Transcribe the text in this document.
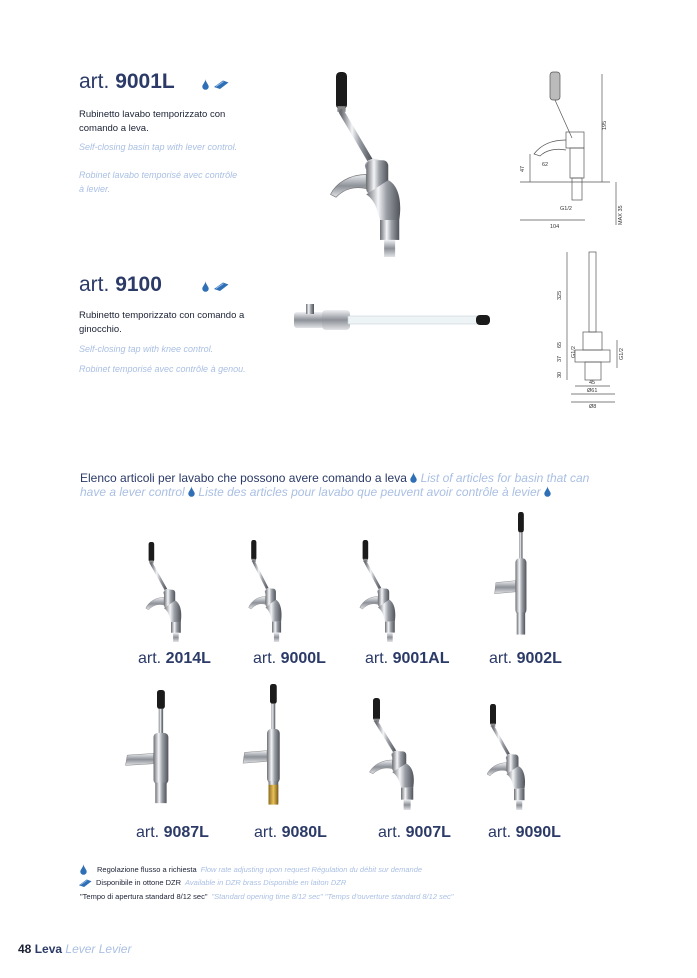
art. 9001L
Rubinetto lavabo temporizzato con comando a leva.
Self-closing basin tap with lever control.
Robinet lavabo temporisé avec contrôle à levier.
195
47
62
G1/2
104
MAX 35
art. 9100
Rubinetto temporizzato con comando a ginocchio.
Self-closing tap with knee control.
Robinet temporisé avec contrôle à genou.
325
65
37
30
G1/2	G1/2
45
Ø61
Ø8
Elenco articoli per lavabo che possono avere comando a leva List of articles for basin that can have a lever control Liste des articles pour lavabo que peuvent avoir contrôle à levier
art. 2014L	art. 9000L art. 9001AL art. 9002L
art. 9087L	art. 9080L	art. 9007L art. 9090L
Regolazione flusso a richiesta Flow rate adjusting upon request Régulation du débit sur demande
Disponibile in ottone DZR Available in DZR brass Disponible en laiton DZR
"Tempo di apertura standard 8/12 sec" "Standard opening time 8/12 sec" "Temps d'ouverture standard 8/12 sec"
48 Leva Lever Levier
